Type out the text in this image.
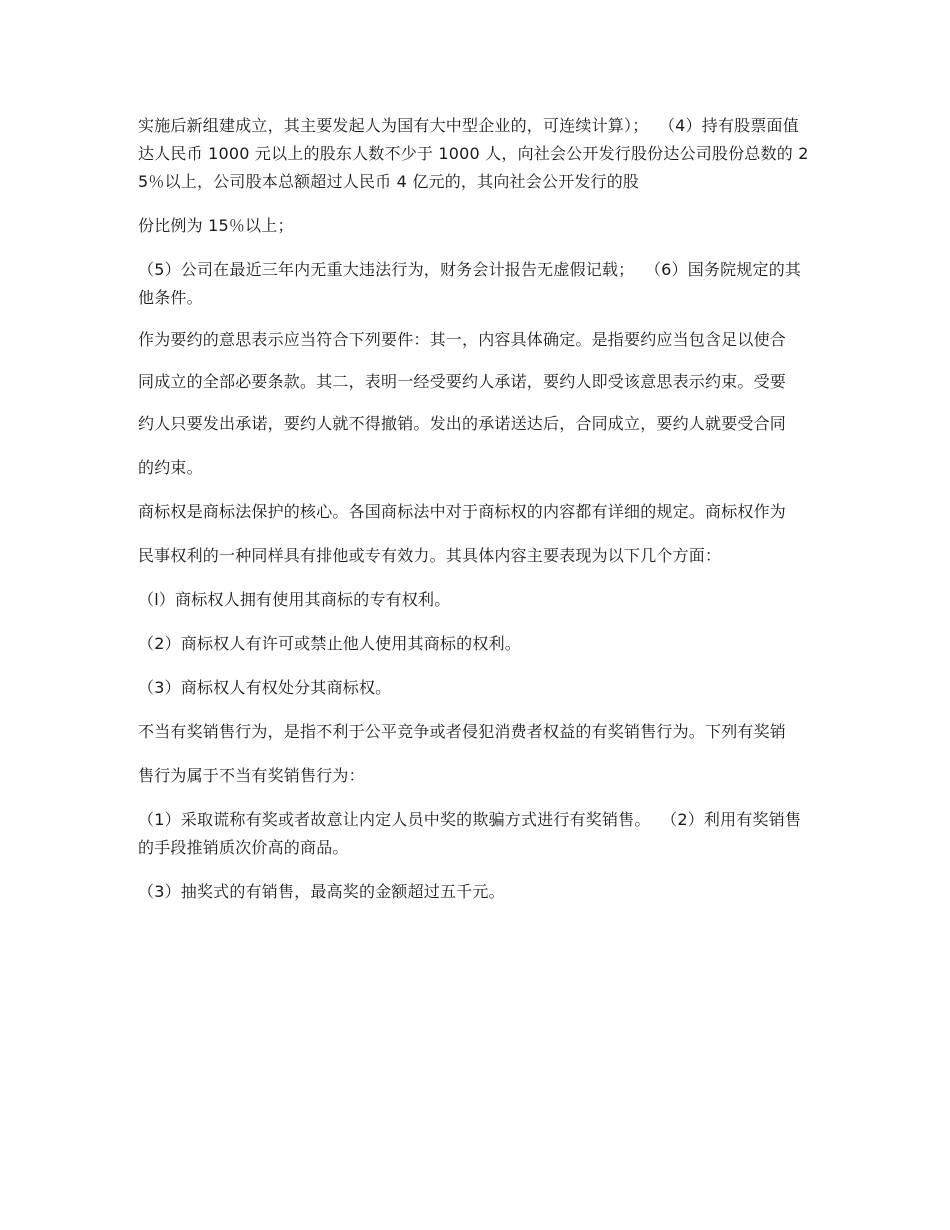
实施后新组建成立，其主要发起人为国有大中型企业的，可连续计算）；  （4）持有股票面值达人民币 1000 元以上的股东人数不少于 1000 人，向社会公开发行股份达公司股份总数的 25％以上，公司股本总额超过人民币 4 亿元的，其向社会公开发行的股

份比例为 15％以上；

（5）公司在最近三年内无重大违法行为，财务会计报告无虚假记载；  （6）国务院规定的其他条件。

作为要约的意思表示应当符合下列要件：其一，内容具体确定。是指要约应当包含足以使合

同成立的全部必要条款。其二，表明一经受要约人承诺，要约人即受该意思表示约束。受要

约人只要发出承诺，要约人就不得撤销。发出的承诺送达后，合同成立，要约人就要受合同

的约束。

商标权是商标法保护的核心。各国商标法中对于商标权的内容都有详细的规定。商标权作为

民事权利的一种同样具有排他或专有效力。其具体内容主要表现为以下几个方面：

（l）商标权人拥有使用其商标的专有权利。

（2）商标权人有许可或禁止他人使用其商标的权利。

（3）商标权人有权处分其商标权。

不当有奖销售行为，是指不利于公平竞争或者侵犯消费者权益的有奖销售行为。下列有奖销

售行为属于不当有奖销售行为：

（1）采取谎称有奖或者故意让内定人员中奖的欺骗方式进行有奖销售。  （2）利用有奖销售的手段推销质次价高的商品。

（3）抽奖式的有销售，最高奖的金额超过五千元。
